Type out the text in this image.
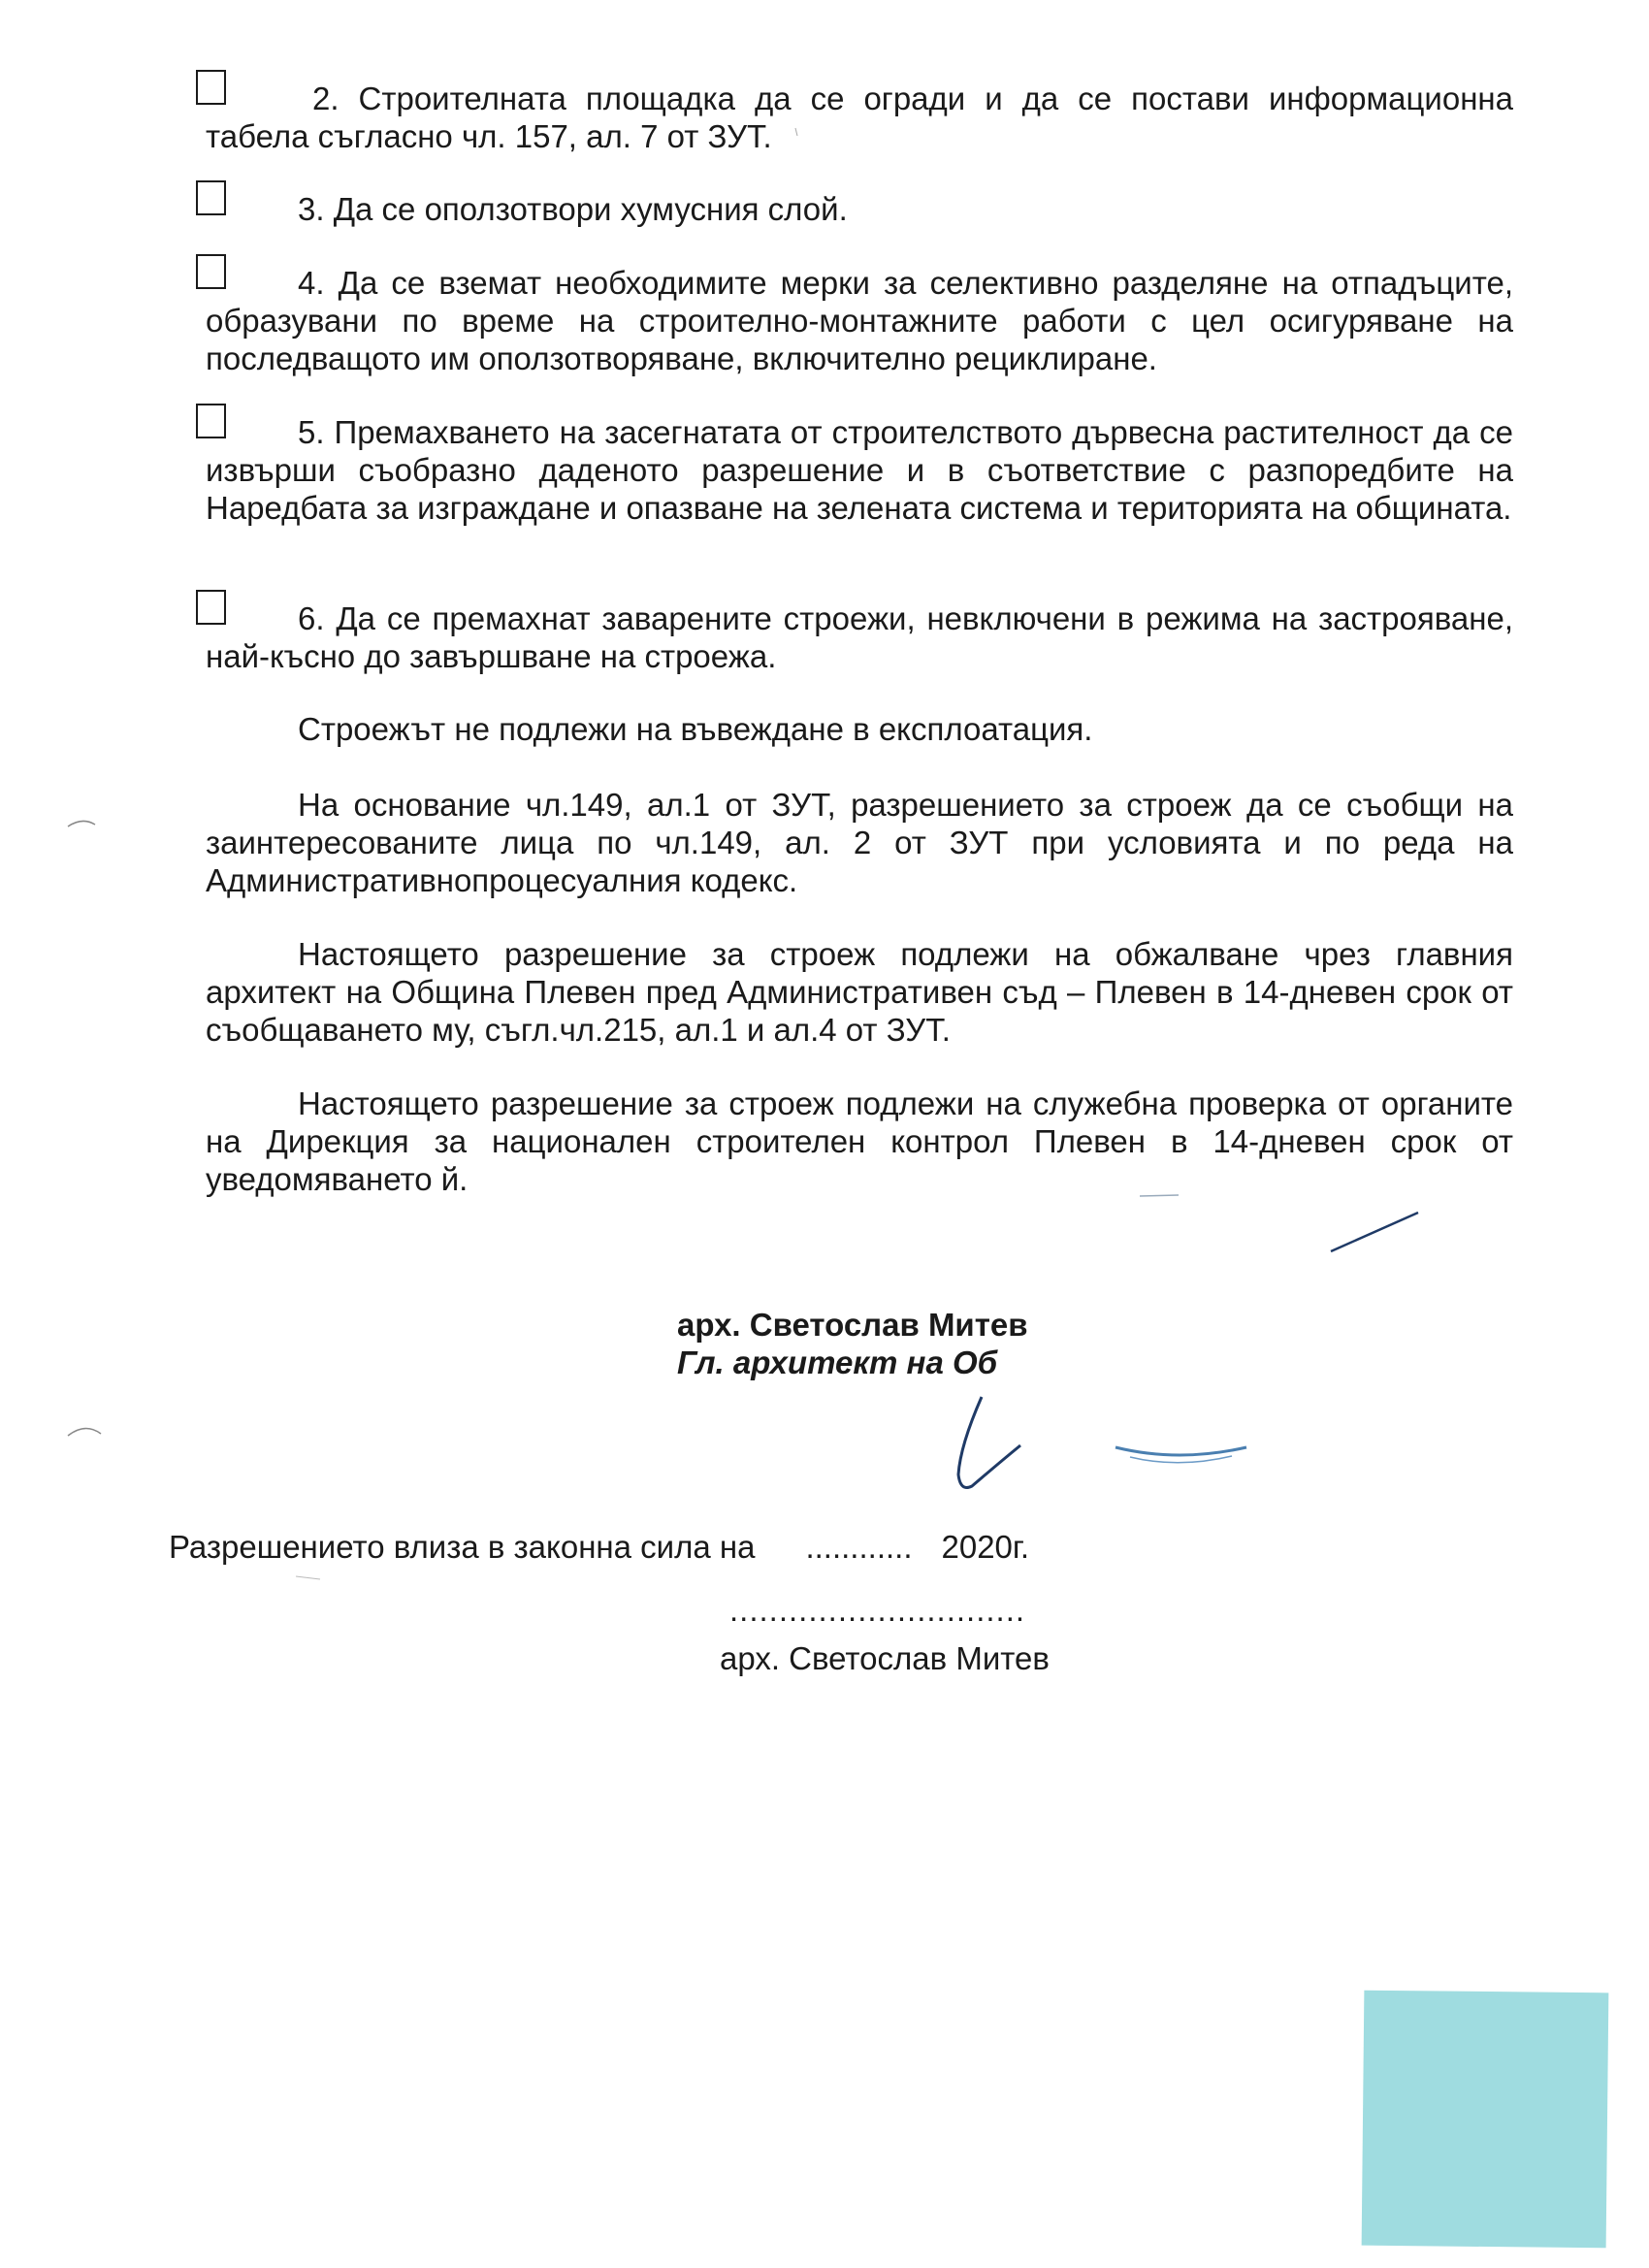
2. Строителната площадка да се огради и да се постави информационна табела съгласно чл. 157, ал. 7 от ЗУТ.
3. Да се оползотвори хумусния слой.
4. Да се вземат необходимите мерки за селективно разделяне на отпадъците, образувани по време на строително-монтажните работи с цел осигуряване на последващото им оползотворяване, включително рециклиране.
5. Премахването на засегнатата от строителството дървесна растителност да се извърши съобразно даденото разрешение и в съответствие с разпоредбите на Наредбата за изграждане и опазване на зелената система и територията на общината.
6. Да се премахнат заварените строежи, невключени в режима на застрояване, най-късно до завършване на строежа.
Строежът не подлежи на въвеждане в експлоатация.
На основание чл.149, ал.1 от ЗУТ, разрешението за строеж да се съобщи на заинтересованите лица по чл.149, ал. 2 от ЗУТ при условията и по реда на Административнопроцесуалния кодекс.
Настоящето разрешение за строеж подлежи на обжалване чрез главния архитект на Община Плевен пред Административен съд – Плевен в 14-дневен срок от съобщаването му, съгл.чл.215, ал.1 и ал.4 от ЗУТ.
Настоящето разрешение за строеж подлежи на служебна проверка от органите на Дирекция за национален строителен контрол Плевен в 14-дневен срок от уведомяването й.
арх. Светослав Митев
Гл. архитект на Об
Разрешението влиза в законна сила на ............ 2020г.
..............................
арх. Светослав Митев
